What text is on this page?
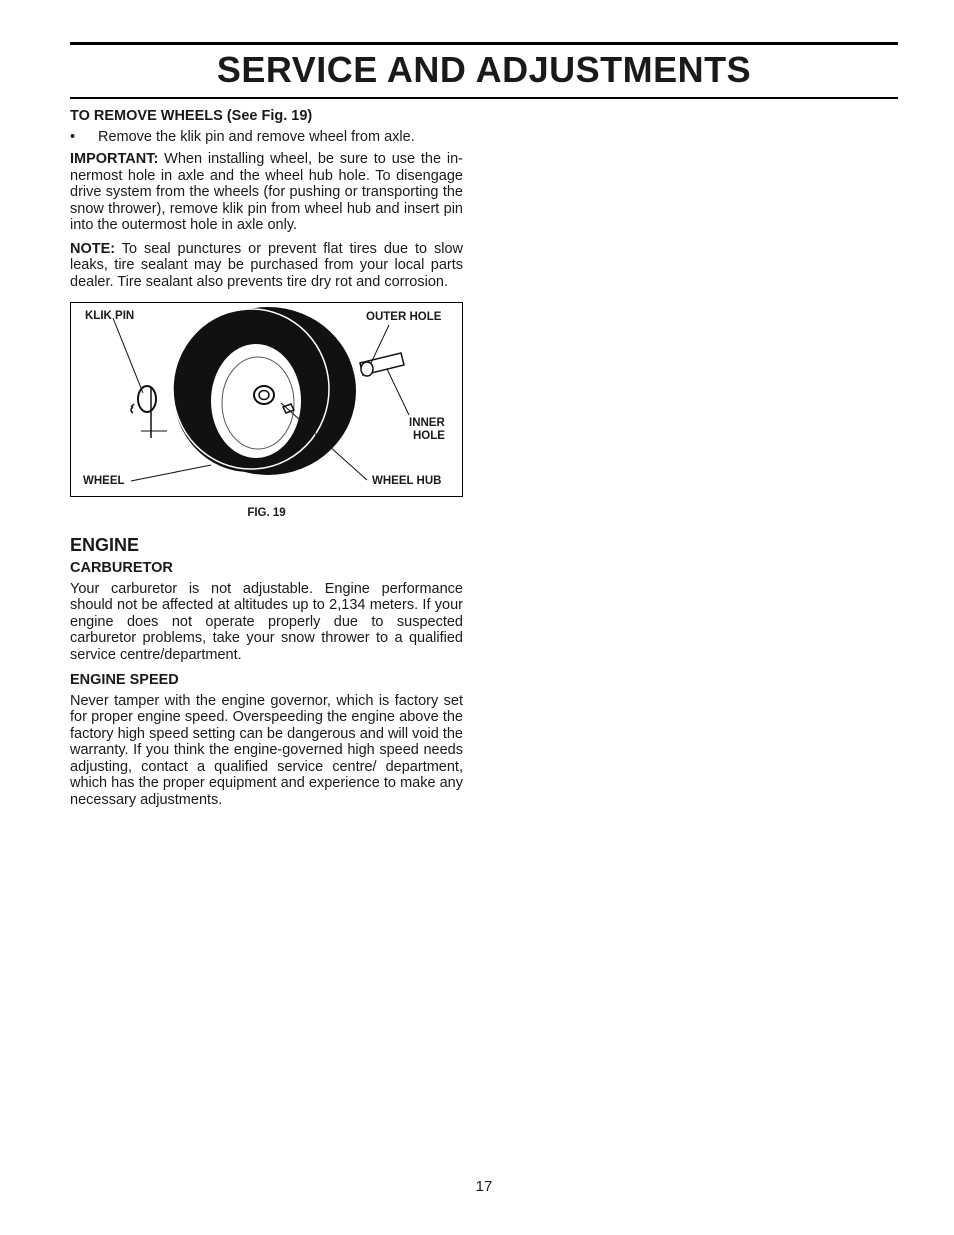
SERVICE AND ADJUSTMENTS
TO REMOVE WHEELS (See Fig. 19)
•	Remove the klik pin and remove wheel from axle.

IMPORTANT: When installing wheel, be sure to use the innermost hole in axle and the wheel hub hole. To disengage drive system from the wheels (for pushing or transporting the snow thrower), remove klik pin from wheel hub and insert pin into the outermost hole in axle only.

NOTE: To seal punctures or prevent flat tires due to slow leaks, tire sealant may be purchased from your local parts dealer. Tire sealant also prevents tire dry rot and corrosion.

KLIK PIN	OUTER HOLE
INNER
HOLE
WHEEL	WHEEL HUB
FIG. 19
ENGINE
CARBURETOR

Your carburetor is not adjustable. Engine performance should not be affected at altitudes up to 2,134 meters. If your engine does not operate properly due to suspected carburetor problems, take your snow thrower to a qualified service centre/department.

ENGINE SPEED

Never tamper with the engine governor, which is factory set for proper engine speed. Overspeeding the engine above the factory high speed setting can be dangerous and will void the warranty. If you think the engine-governed high speed needs adjusting, contact a qualified service centre/ department, which has the proper equipment and experience to make any necessary adjustments.

17
